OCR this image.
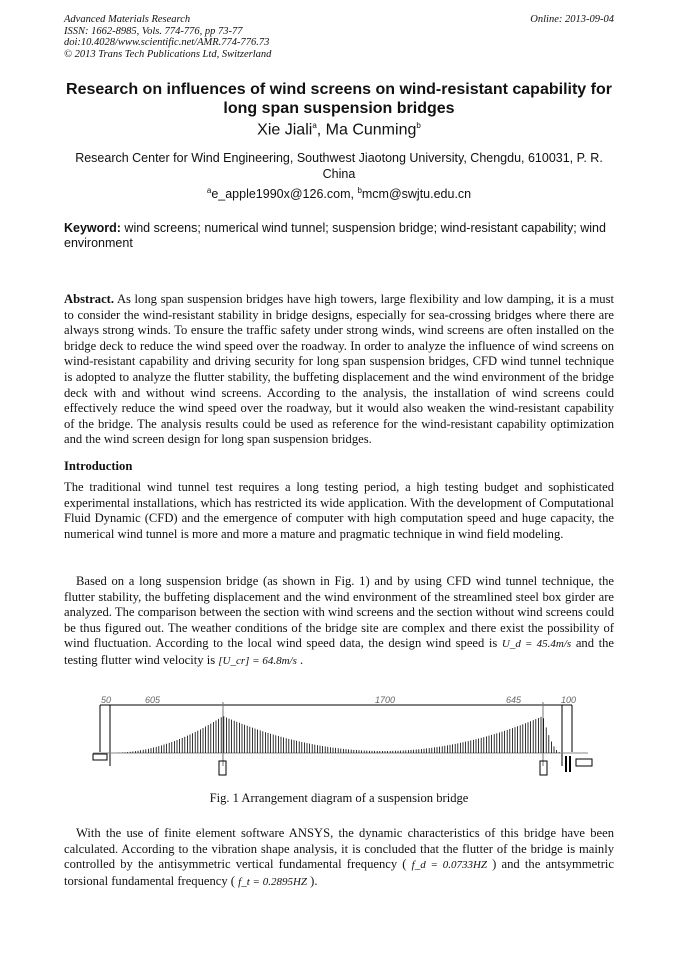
Advanced Materials Research
ISSN: 1662-8985, Vols. 774-776, pp 73-77
doi:10.4028/www.scientific.net/AMR.774-776.73
© 2013 Trans Tech Publications Ltd, Switzerland
Online: 2013-09-04
Research on influences of wind screens on wind-resistant capability for long span suspension bridges
Xie Jiali$^a$, Ma Cunming$^b$
Research Center for Wind Engineering, Southwest Jiaotong University, Chengdu, 610031, P. R. China
$^a$e_apple1990x@126.com, $^b$mcm@swjtu.edu.cn
Keyword: wind screens; numerical wind tunnel; suspension bridge; wind-resistant capability; wind environment
Abstract. As long span suspension bridges have high towers, large flexibility and low damping, it is a must to consider the wind-resistant stability in bridge designs, especially for sea-crossing bridges where there are always strong winds. To ensure the traffic safety under strong winds, wind screens are often installed on the bridge deck to reduce the wind speed over the roadway. In order to analyze the influence of wind screens on wind-resistant capability and driving security for long span suspension bridges, CFD wind tunnel technique is adopted to analyze the flutter stability, the buffeting displacement and the wind environment of the bridge deck with and without wind screens. According to the analysis, the installation of wind screens could effectively reduce the wind speed over the roadway, but it would also weaken the wind-resistant capability of the bridge. The analysis results could be used as reference for the wind-resistant capability optimization and the wind screen design for long span suspension bridges.
Introduction
The traditional wind tunnel test requires a long testing period, a high testing budget and sophisticated experimental installations, which has restricted its wide application. With the development of Computational Fluid Dynamic (CFD) and the emergence of computer with high computation speed and huge capacity, the numerical wind tunnel is more and more a mature and pragmatic technique in wind field modeling.
Based on a long suspension bridge (as shown in Fig. 1) and by using CFD wind tunnel technique, the flutter stability, the buffeting displacement and the wind environment of the streamlined steel box girder are analyzed. The comparison between the section with wind screens and the section without wind screens could be thus figured out. The weather conditions of the bridge site are complex and there exist the possibility of wind fluctuation. According to the local wind speed data, the design wind speed is U_d = 45.4m/s and the testing flutter wind velocity is [U_cr] = 64.8m/s .
50	605	1700	645	100
Fig. 1 Arrangement diagram of a suspension bridge
With the use of finite element software ANSYS, the dynamic characteristics of this bridge have been calculated. According to the vibration shape analysis, it is concluded that the flutter of the bridge is mainly controlled by the antisymmetric vertical fundamental frequency ( f_d = 0.0733HZ ) and the antsymmetric torsional fundamental frequency ( f_t = 0.2895HZ ).
